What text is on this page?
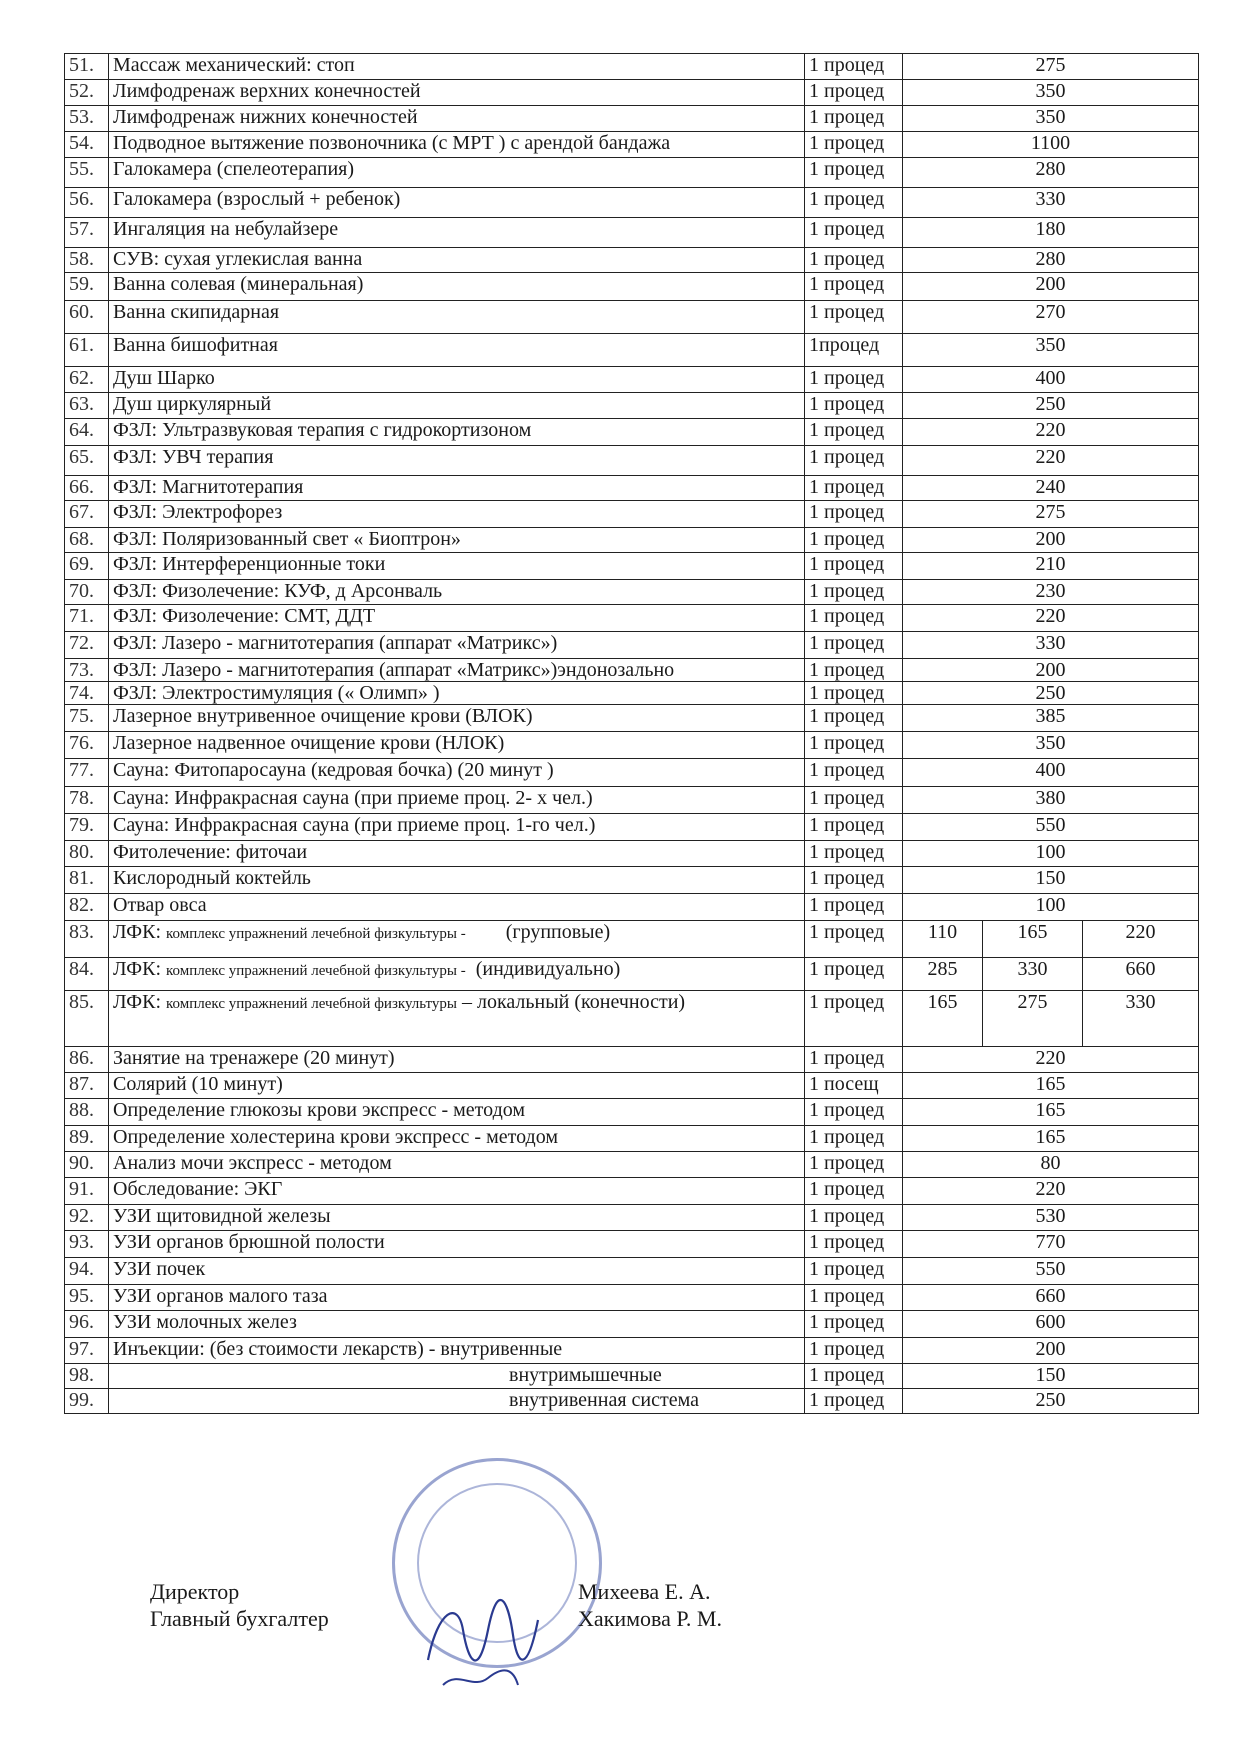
51.	Массаж механический: стоп	1 процед	275		
52.	Лимфодренаж верхних конечностей	1 процед	350		
53.	Лимфодренаж нижних конечностей	1 процед	350		
54.	Подводное вытяжение позвоночника (с МРТ ) с арендой бандажа	1 процед	1100		
55.	Галокамера (спелеотерапия)	1 процед	280		
56.	Галокамера (взрослый + ребенок)	1 процед	330		
57.	Ингаляция на небулайзере	1 процед	180		
58.	СУВ: сухая углекислая ванна	1 процед	280		
59.	Ванна солевая (минеральная)	1 процед	200		
60.	Ванна скипидарная	1 процед	270		
61.	Ванна бишофитная	1процед	350		
62.	Душ Шарко	1 процед	400		
63.	Душ циркулярный	1 процед	250		
64.	ФЗЛ: Ультразвуковая терапия с гидрокортизоном	1 процед	220		
65.	ФЗЛ: УВЧ терапия	1 процед	220		
66.	ФЗЛ: Магнитотерапия	1 процед	240		
67.	ФЗЛ: Электрофорез	1 процед	275		
68.	ФЗЛ: Поляризованный свет « Биоптрон»	1 процед	200		
69.	ФЗЛ: Интерференционные токи	1 процед	210		
70.	ФЗЛ: Физолечение: КУФ, д Арсонваль	1 процед	230		
71.	ФЗЛ: Физолечение: СМТ, ДДТ	1 процед	220		
72.	ФЗЛ: Лазеро - магнитотерапия (аппарат «Матрикс»)	1 процед	330		
73.	ФЗЛ: Лазеро - магнитотерапия (аппарат «Матрикс»)эндонозально	1 процед	200		
74.	ФЗЛ: Электростимуляция (« Олимп» )	1 процед	250		
75.	Лазерное внутривенное очищение крови (ВЛОК)	1 процед	385		
76.	Лазерное надвенное очищение крови (НЛОК)	1 процед	350		
77.	Сауна: Фитопаросауна (кедровая бочка) (20 минут )	1 процед	400		
78.	Сауна: Инфракрасная сауна (при приеме проц. 2- х чел.)	1 процед	380		
79.	Сауна: Инфракрасная сауна (при приеме проц. 1-го чел.)	1 процед	550		
80.	Фитолечение: фиточаи	1 процед	100		
81.	Кислородный коктейль	1 процед	150		
82.	Отвар овса	1 процед	100		
83.	ЛФК: комплекс упражнений лечебной физкультуры -        (групповые)	1 процед	110	165	220
84.	ЛФК: комплекс упражнений лечебной физкультуры -  (индивидуально)	1 процед	285	330	660
85.	ЛФК: комплекс упражнений лечебной физкультуры – локальный (конечности)	1 процед	165	275	330
86.	Занятие на тренажере (20 минут)	1 процед	220		
87.	Солярий (10 минут)	1 посещ	165		
88.	Определение глюкозы крови экспресс - методом	1 процед	165		
89.	Определение холестерина крови экспресс - методом	1 процед	165		
90.	Анализ мочи экспресс - методом	1 процед	80		
91.	Обследование: ЭКГ	1 процед	220		
92.	УЗИ щитовидной железы	1 процед	530		
93.	УЗИ органов брюшной полости	1 процед	770		
94.	УЗИ почек	1 процед	550		
95.	УЗИ органов малого таза	1 процед	660		
96.	УЗИ молочных желез	1 процед	600		
97.	Инъекции: (без стоимости лекарств) - внутривенные	1 процед	200		
98.	внутримышечные	1 процед	150		
99.	внутривенная система	1 процед	250		
Директор	Михеева Е. А.
Главный бухгалтер	Хакимова Р. М.
